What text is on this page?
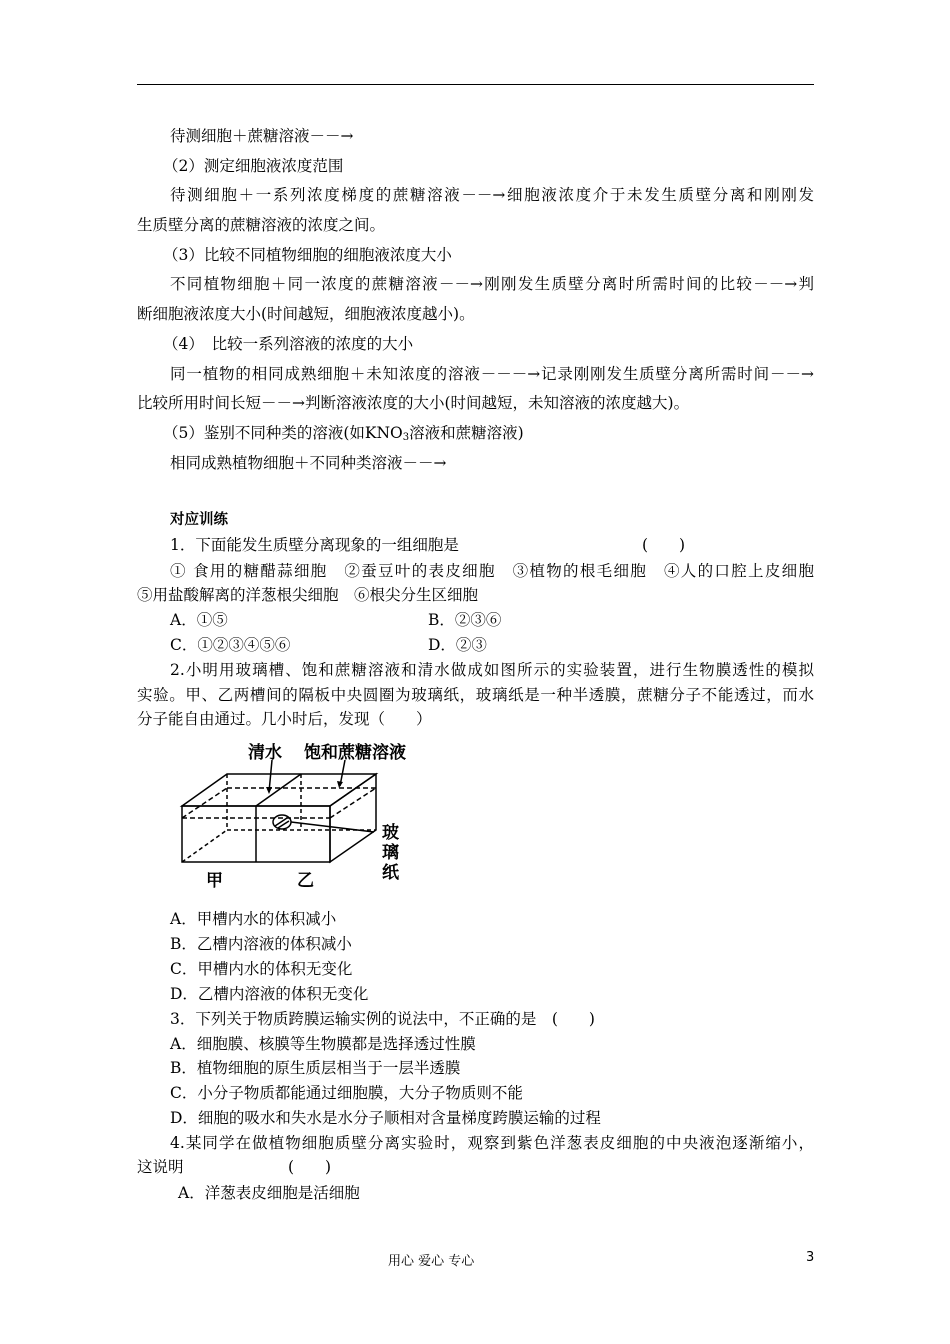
待测细胞＋蔗糖溶液－－→
（2）测定细胞液浓度范围
待测细胞＋一系列浓度梯度的蔗糖溶液－－→细胞液浓度介于未发生质壁分离和刚刚发
生质壁分离的蔗糖溶液的浓度之间。
（3）比较不同植物细胞的细胞液浓度大小
不同植物细胞＋同一浓度的蔗糖溶液－－→刚刚发生质壁分离时所需时间的比较－－→判
断细胞液浓度大小(时间越短，细胞液浓度越小)。
（4）　比较一系列溶液的浓度的大小
同一植物的相同成熟细胞＋未知浓度的溶液－－－→记录刚刚发生质壁分离所需时间－－→
比较所用时间长短－－→判断溶液浓度的大小(时间越短，未知溶液的浓度越大)。
（5）鉴别不同种类的溶液(如$KNO_3$溶液和蔗糖溶液)
相同成熟植物细胞＋不同种类溶液－－→
对应训练
1．下面能发生质壁分离现象的一组细胞是	(　　)
① 食用的糖醋蒜细胞　②蚕豆叶的表皮细胞　③植物的根毛细胞　④人的口腔上皮细胞
⑤用盐酸解离的洋葱根尖细胞　⑥根尖分生区细胞
A．①⑤	B．②③⑥
C．①②③④⑤⑥	D．②③
2.小明用玻璃槽、饱和蔗糖溶液和清水做成如图所示的实验装置，进行生物膜透性的模拟
实验。甲、乙两槽间的隔板中央圆圈为玻璃纸，玻璃纸是一种半透膜，蔗糖分子不能透过，而水
分子能自由通过。几小时后，发现（　　）
清水 饱和蔗糖溶液
玻
璃
纸
甲	乙
A．甲槽内水的体积减小
B．乙槽内溶液的体积减小
C．甲槽内水的体积无变化
D．乙槽内溶液的体积无变化
3．下列关于物质跨膜运输实例的说法中，不正确的是　(　　)
A．细胞膜、核膜等生物膜都是选择透过性膜
B．植物细胞的原生质层相当于一层半透膜
C．小分子物质都能通过细胞膜，大分子物质则不能
D．细胞的吸水和失水是水分子顺相对含量梯度跨膜运输的过程
4.某同学在做植物细胞质壁分离实验时，观察到紫色洋葱表皮细胞的中央液泡逐渐缩小，
这说明	(　　)
A．洋葱表皮细胞是活细胞
用心 爱心 专心	3
